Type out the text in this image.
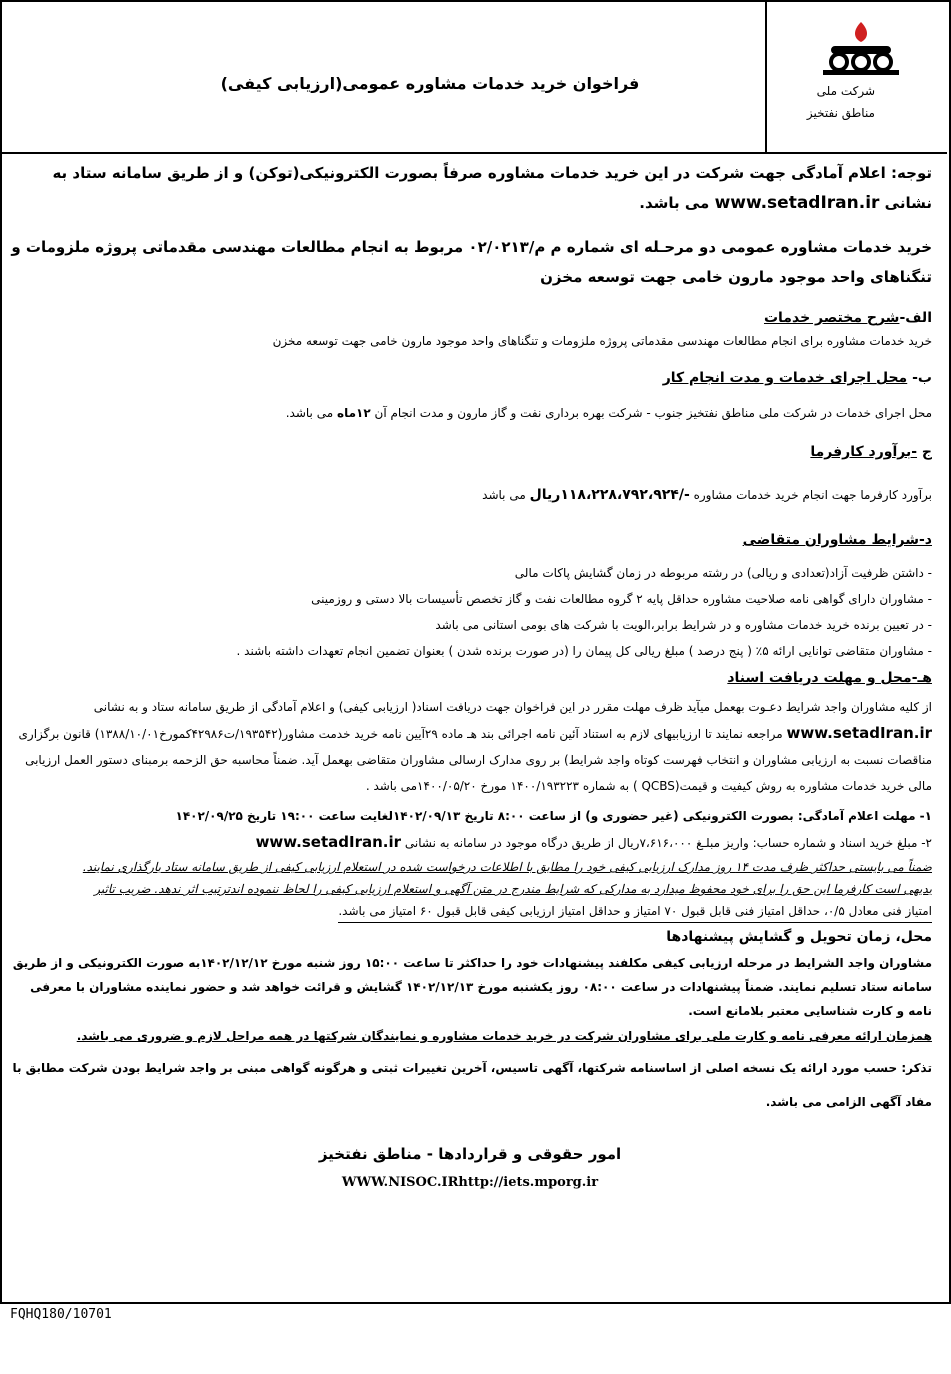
شرکت ملی
مناطق نفتخیز
فراخوان خرید خدمات مشاوره عمومی(ارزیابی کیفی)

توجه: اعلام آمادگی جهت شرکت در این خرید خدمات مشاوره صرفاً بصورت الکترونیکی(توکن) و از طریق سامانه ستاد به نشانی www.setadIran.ir می باشد.

خرید خدمات مشاوره عمومی دو مرحـله ای شماره م م/۰۲/۰۲۱۳ مربوط به انجام مطالعات مهندسی مقدماتی پروژه ملزومات و تنگناهای واحد موجود مارون خامی جهت توسعه مخزن

الف-شرح مختصر خدمات

خرید خدمات مشاوره برای انجام مطالعات مهندسی مقدماتی پروژه ملزومات و تنگناهای واحد موجود مارون خامی جهت توسعه مخزن

ب- محل اجرای خدمات و مدت انجام کار

محل اجرای خدمات در شرکت ملی مناطق نفتخیز جنوب - شرکت بهره برداری نفت و گاز مارون و مدت انجام آن ۱۲ماه می باشد.

ج -برآورد کارفرما

برآورد کارفرما جهت انجام خرید خدمات مشاوره -/۱۱۸،۲۲۸،۷۹۲،۹۲۴ریال می باشد

د-شرایط مشاوران متقاضی
- داشتن ظرفیت آزاد(تعدادی و ریالی) در رشته مربوطه در زمان گشایش پاکات مالی
- مشاوران دارای گواهی نامه صلاحیت مشاوره حداقل پایه ۲ گروه مطالعات نفت و گاز تخصص تأسیسات بالا دستی و روزمینی
- در تعیین برنده خرید خدمات مشاوره و در شرایط برابر،الویت با شرکت های بومی استانی می باشد
- مشاوران متقاضی توانایی ارائه ۵٪ ( پنج درصد ) مبلغ ریالی کل پیمان را (در صورت برنده شدن ) بعنوان تضمین انجام تعهدات داشته باشند .
هـ-محل و مهلت دریافت اسناد

از کلیه مشاوران واجد شرایط دعـوت بهعمل میآید ظرف مهلت مقرر در این فراخوان جهت دریافت اسناد( ارزیابی کیفی) و اعلام آمادگی از طریق سامانه ستاد و به نشانی www.setadIran.ir مراجعه نمایند تا ارزیابیهای لازم به استناد آئین نامه اجرائی بند هـ ماده ۲۹آیین نامه خرید خدمت مشاور(۱۹۳۵۴۲/ت۴۲۹۸۶کمورخ۱۳۸۸/۱۰/۰۱) قانون برگزاری مناقصات نسبت به ارزیابی مشاوران و انتخاب فهرست کوتاه واجد شرایط) بر روی مدارک ارسالی مشاوران متقاضی بهعمل آید. ضمناً محاسبه حق الزحمه برمبنای دستور العمل ارزیابی مالی خرید خدمات مشاوره به روش کیفیت و قیمت(QCBS ) به شماره ۱۴۰۰/۱۹۳۲۲۳ مورخ ۱۴۰۰/۰۵/۲۰می باشد .

۱- مهلت اعلام آمادگی: بصورت الکترونیکی (غیر حضوری و) از ساعت ۸:۰۰ تاریخ ۱۴۰۲/۰۹/۱۳لغایت ساعت ۱۹:۰۰ تاریخ ۱۴۰۲/۰۹/۲۵

۲- مبلغ خرید اسناد و شماره حساب: واریز مبلـغ ۷،۶۱۶،۰۰۰ریال از طریق درگاه موجود در سامانه به نشانی www.setadIran.ir

ضمناً می بایستی حداکثر ظرف مدت ۱۴ روز مدارک ارزیابی کیفی خود را مطابق با اطلاعات درخواست شده در استعلام ارزیابی کیفی از طریق سامانه ستاد بارگذاری نمایند.

بدیهی است کارفرما این حق را برای خود محفوظ میدارد به مدارکی که شرایط مندرج در متن آگهی و استعلام ارزیابی کیفی را لحاظ ننموده اندترتیب اثر ندهد. ضریب تاثیر

امتیاز فنی معادل ۰/۵، حداقل امتیاز فنی قابل قبول ۷۰ امتیاز و حداقل امتیاز ارزیابی کیفی قابل قبول ۶۰ امتیاز می باشد.

محل، زمان تحویل و گشایش پیشنهادها

مشاوران واجد الشرایط در مرحله ارزیابی کیفی مکلفند پیشنهادات خود را حداکثر تا ساعت ۱۵:۰۰ روز شنبه مورخ ۱۴۰۲/۱۲/۱۲به صورت الکترونیکی و از طریق سامانه ستاد تسلیم نمایند. ضمناً پیشنهادات در ساعت ۰۸:۰۰ روز یکشنبه مورخ ۱۴۰۲/۱۲/۱۳ گشایش و قرائت خواهد شد و حضور نماینده مشاوران با معرفی نامه و کارت شناسایی معتبر بلامانع است.

همزمان ارائه معرفی نامه و کارت ملی برای مشاوران شرکت در خرید خدمات مشاوره و نمایندگان شرکتها در همه مراحل لازم و ضروری می باشد.

تذکر: حسب مورد ارائه یک نسخه اصلی از اساسنامه شرکتها، آگهی تاسیس، آخرین تغییرات ثبتی و هرگونه گواهی مبنی بر واجد شرایط بودن شرکت مطابق با مفاد آگهی الزامی می باشد.

امور حقوقی و قراردادها - مناطق نفتخیز
WWW.NISOC.IRhttp://iets.mporg.ir
FQHQ180/10701
